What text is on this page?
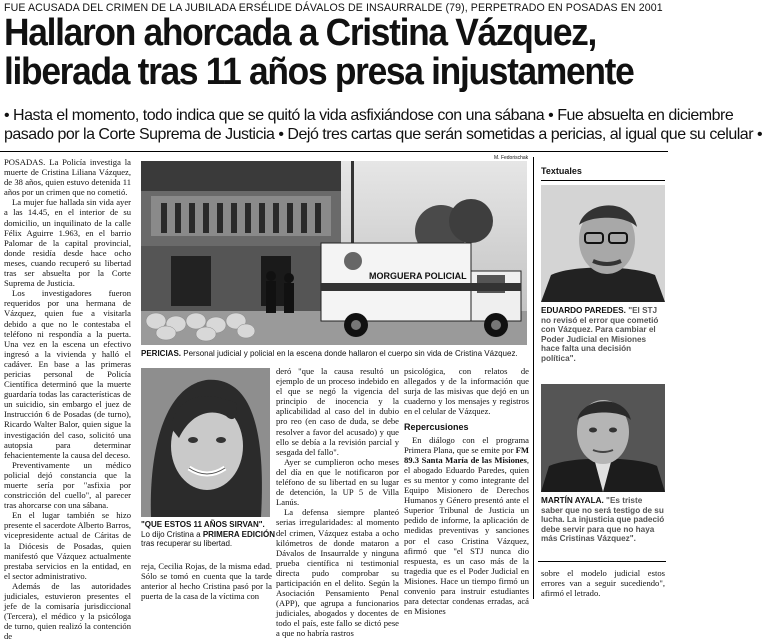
FUE ACUSADA DEL CRIMEN DE LA JUBILADA ERSÉLIDE DÁVALOS DE INSAURRALDE (79), PERPETRADO EN POSADAS EN 2001
Hallaron ahorcada a Cristina Vázquez,
liberada tras 11 años presa injustamente
• Hasta el momento, todo indica que se quitó la vida asfixiándose con una sábana • Fue absuelta en diciembre
pasado por la Corte Suprema de Justicia • Dejó tres cartas que serán sometidas a pericias, al igual que su celular •

POSADAS. La Policía investiga la muerte de Cristina Liliana Vázquez, de 38 años, quien estuvo detenida 11 años por un crimen que no cometió.

La mujer fue hallada sin vida ayer a las 14.45, en el interior de su domicilio, un inquilinato de la calle Félix Aguirre 1.963, en el barrio Palomar de la capital provincial, donde residía desde hace ocho meses, cuando recuperó su libertad tras ser absuelta por la Corte Suprema de Justicia.

Los investigadores fueron requeridos por una hermana de Vázquez, quien fue a visitarla debido a que no le contestaba el teléfono ni respondía a la puerta. Una vez en la escena un efectivo ingresó a la vivienda y halló el cadáver. En base a las primeras pericias personal de Policía Científica determinó que la muerte guardaría todas las características de un suicidio, sin embargo el juez de Instrucción 6 de Posadas (de turno), Ricardo Walter Balor, quien sigue la investigación del caso, solicitó una autopsia para determinar fehacientemente la causa del deceso.

Preventivamente un médico policial dejó constancia que la muerte sería por "asfixia por constricción del cuello", al parecer tras ahorcarse con una sábana.

En el lugar también se hizo presente el sacerdote Alberto Barros, vicepresidente actual de Cáritas de la Diócesis de Posadas, quien manifestó que Vázquez actualmente prestaba servicios en la entidad, en el sector administrativo.

Además de las autoridades judiciales, estuvieron presentes el jefe de la comisaría jurisdiccional (Tercera), el médico y la psicóloga de turno, quien realizó la contención de

M. Fedorischak
MORGUERA POLICIAL
PERICIAS. Personal judicial y policial en la escena donde hallaron el cuerpo sin vida de Cristina Vázquez.
"QUE ESTOS 11 AÑOS SIRVAN". Lo dijo Cristina a PRIMERA EDICIÓN tras recuperar su libertad.

reja, Cecilia Rojas, de la misma edad. Sólo se tomó en cuenta que la tarde anterior al hecho Cristina pasó por la puerta de la casa de la víctima con

deró "que la causa resultó un ejemplo de un proceso indebido en el que se negó la vigencia del principio de inocencia y la aplicabilidad al caso del in dubio pro reo (en caso de duda, se debe resolver a favor del acusado) y que ello se debía a la revisión parcial y sesgada del fallo".

Ayer se cumplieron ocho meses del día en que le notificaron por teléfono de su libertad en su lugar de detención, la UP 5 de Villa Lanús.

La defensa siempre planteó serias irregularidades: al momento del crimen, Vázquez estaba a ocho kilómetros de donde mataron a Dávalos de Insaurralde y ninguna prueba científica ni testimonial directa pudo comprobar su participación en el delito. Según la Asociación Pensamiento Penal (APP), que agrupa a funcionarios judiciales, abogados y docentes de todo el país, este fallo se dictó pese a que no habría rastros

psicológica, con relatos de allegados y de la información que surja de las misivas que dejó en un cuaderno y los mensajes y registros en el celular de Vázquez.

Repercusiones

En diálogo con el programa Primera Plana, que se emite por FM 89.3 Santa María de las Misiones, el abogado Eduardo Paredes, quien es su mentor y como integrante del Equipo Misionero de Derechos Humanos y Género presentó ante el Superior Tribunal de Justicia un pedido de informe, la aplicación de medidas preventivas y sanciones por el caso Cristina Vázquez, afirmó que "el STJ nunca dio respuesta, es un caso más de la tragedia que es el Poder Judicial en Misiones. Hace un tiempo firmó un convenio para instruir estudiantes para detectar condenas erradas, acá en Misiones

Textuales
EDUARDO PAREDES. "El STJ no revisó el error que cometió con Vázquez. Para cambiar el Poder Judicial en Misiones hace falta una decisión política".
MARTÍN AYALA. "Es triste saber que no será testigo de su lucha. La injusticia que padeció debe servir para que no haya más Cristinas Vázquez".

sobre el modelo judicial estos errores van a seguir sucediendo", afirmó el letrado.
